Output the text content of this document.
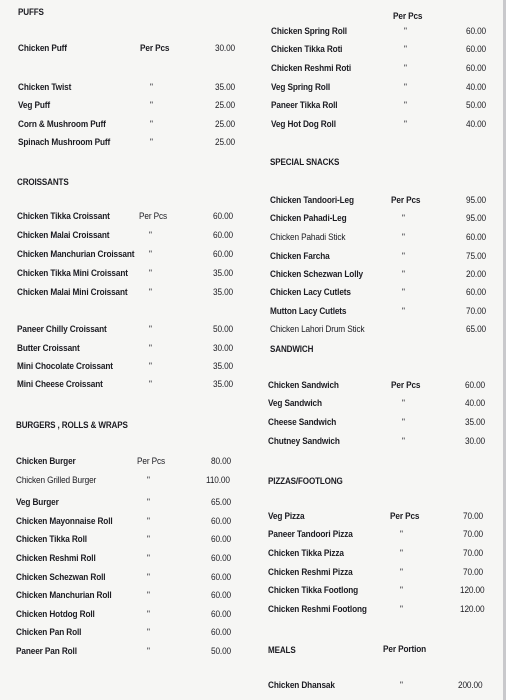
PUFFS
Chicken Puff	Per Pcs	30.00
Chicken Twist	"	35.00
Veg Puff	"	25.00
Corn & Mushroom Puff	"	25.00
Spinach Mushroom Puff	"	25.00
CROISSANTS
Chicken Tikka Croissant	Per Pcs	60.00
Chicken Malai Croissant	"	60.00
Chicken Manchurian Croissant "	60.00
Chicken Tikka Mini Croissant "	35.00
Chicken Malai Mini Croissant "	35.00
Paneer Chilly Croissant	"	50.00
Butter Croissant	"	30.00
Mini Chocolate Croissant	"	35.00
Mini Cheese Croissant	"	35.00
BURGERS , ROLLS & WRAPS
Chicken Burger	Per Pcs	80.00
Chicken Grilled Burger	"	110.00
Veg Burger	"	65.00
Chicken Mayonnaise Roll	"	60.00
Chicken Tikka Roll	"	60.00
Chicken Reshmi Roll	"	60.00
Chicken Schezwan Roll	"	60.00
Chicken Manchurian Roll	"	60.00
Chicken Hotdog Roll	"	60.00
Chicken Pan Roll	"	60.00
Paneer Pan Roll	"	50.00
Per Pcs
Chicken Spring Roll	"	60.00
Chicken Tikka Roti	"	60.00
Chicken Reshmi Roti	"	60.00
Veg Spring Roll	"	40.00
Paneer Tikka Roll	"	50.00
Veg Hot Dog Roll	"	40.00
SPECIAL SNACKS
Chicken Tandoori-Leg	Per Pcs	95.00
Chicken Pahadi-Leg	"	95.00
Chicken Pahadi Stick	"	60.00
Chicken Farcha	"	75.00
Chicken Schezwan Lolly	"	20.00
Chicken Lacy Cutlets	"	60.00
Mutton Lacy Cutlets	"	70.00
Chicken Lahori Drum Stick	65.00
SANDWICH
Chicken Sandwich	Per Pcs	60.00
Veg Sandwich	"	40.00
Cheese Sandwich	"	35.00
Chutney Sandwich	"	30.00
PIZZAS/FOOTLONG
Veg Pizza	Per Pcs	70.00
Paneer Tandoori Pizza	"	70.00
Chicken Tikka Pizza	"	70.00
Chicken Reshmi Pizza	"	70.00
Chicken Tikka Footlong	"	120.00
Chicken Reshmi Footlong	"	120.00
MEALS	Per Portion
Chicken Dhansak	"	200.00
